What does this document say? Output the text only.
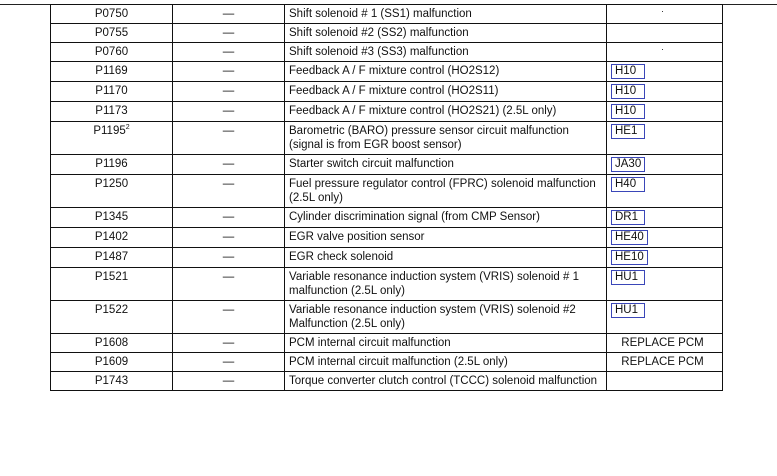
P0750	—	Shift solenoid # 1 (SS1) malfunction	·

P0755	—	Shift solenoid #2 (SS2) malfunction	
P0760	—	Shift solenoid #3 (SS3) malfunction	·

P1169	—	Feedback A / F mixture control (HO2S12)	H10
P1170	—	Feedback A / F mixture control (HO2S11)	H10
P1173	—	Feedback A / F mixture control (HO2S21) (2.5L only)	H10
P1195$^2$	—	Barometric (BARO) pressure sensor circuit malfunction (signal is from EGR boost sensor)	HE1
P1196	—	Starter switch circuit malfunction	JA30
P1250	—	Fuel pressure regulator control (FPRC) solenoid malfunction (2.5L only)	H40
P1345	—	Cylinder discrimination signal (from CMP Sensor)	DR1
P1402	—	EGR valve position sensor	HE40
P1487	—	EGR check solenoid	HE10
P1521	—	Variable resonance induction system (VRIS) solenoid # 1 malfunction (2.5L only)	HU1
P1522	—	Variable resonance induction system (VRIS) solenoid #2 Malfunction (2.5L only)	HU1
P1608	—	PCM internal circuit malfunction	REPLACE PCM
P1609	—	PCM internal circuit malfunction (2.5L only)	REPLACE PCM
P1743	—	Torque converter clutch control (TCCC) solenoid malfunction	
